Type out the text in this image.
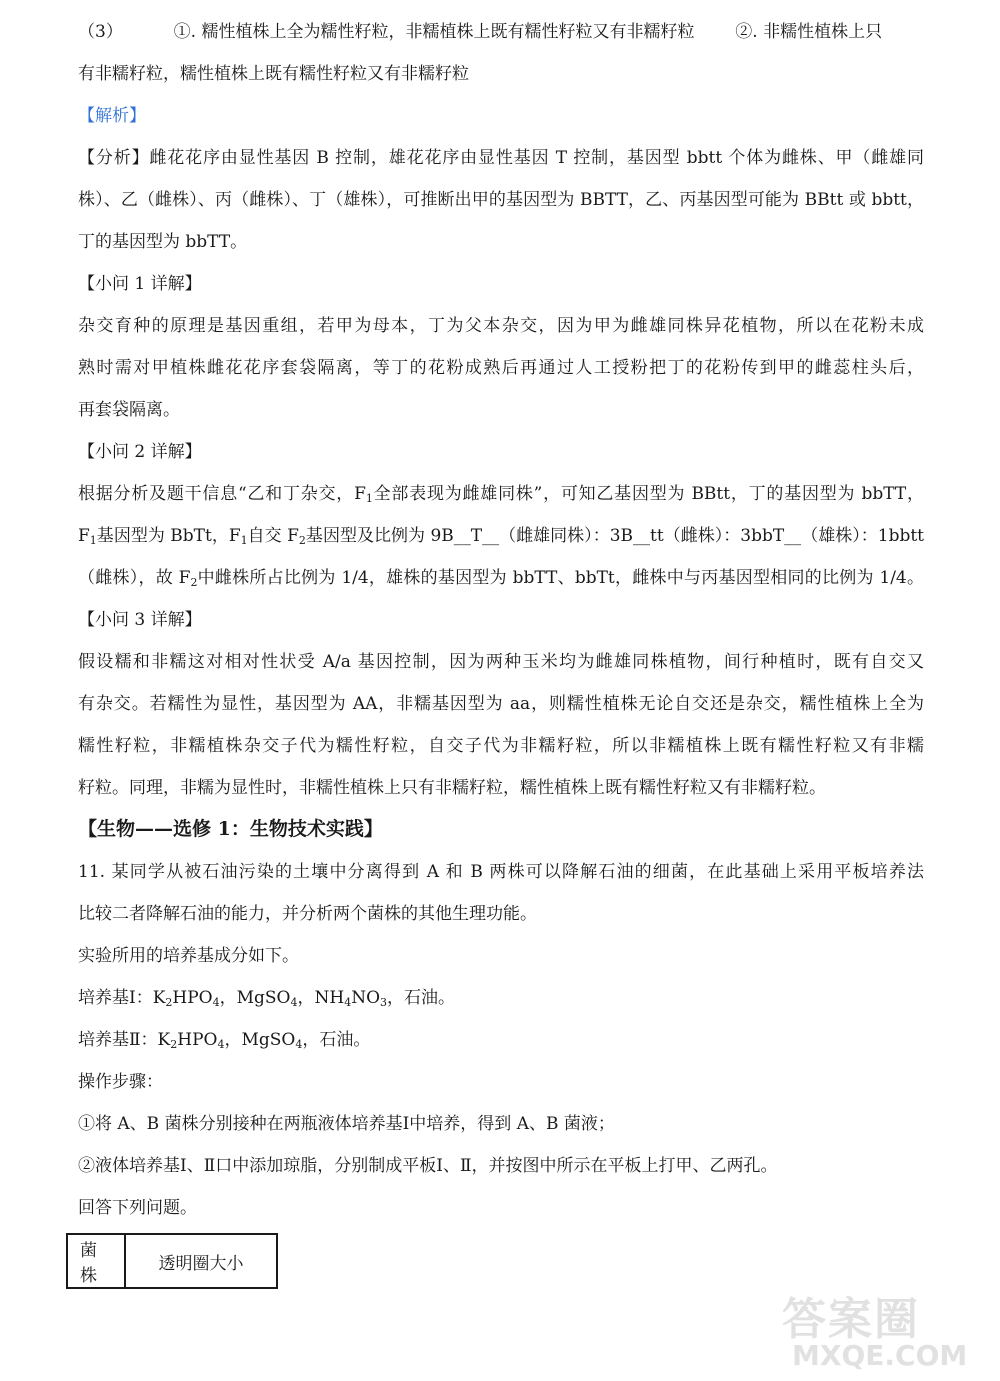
（3）	①. 糯性植株上全为糯性籽粒，非糯植株上既有糯性籽粒又有非糯籽粒 ②. 非糯性植株上只
有非糯籽粒，糯性植株上既有糯性籽粒又有非糯籽粒
【解析】
【分析】雌花花序由显性基因 B 控制，雄花花序由显性基因 T 控制，基因型 bbtt 个体为雌株、甲（雌雄同
株）、乙（雌株）、丙（雌株）、丁（雄株），可推断出甲的基因型为 BBTT，乙、丙基因型可能为 BBtt 或 bbtt，
丁的基因型为 bbTT。
【小问 1 详解】
杂交育种的原理是基因重组，若甲为母本，丁为父本杂交，因为甲为雌雄同株异花植物，所以在花粉未成
熟时需对甲植株雌花花序套袋隔离，等丁的花粉成熟后再通过人工授粉把丁的花粉传到甲的雌蕊柱头后，
再套袋隔离。
【小问 2 详解】
根据分析及题干信息“乙和丁杂交，$F_1$全部表现为雌雄同株”，可知乙基因型为 BBtt，丁的基因型为 bbTT，
$F_1$基因型为 BbTt，$F_1$自交 $F_2$基因型及比例为 9B__T__（雌雄同株）：3B__tt（雌株）：3bbT__（雄株）：1bbtt
（雌株），故 $F_2$中雌株所占比例为 1/4，雄株的基因型为 bbTT、bbTt，雌株中与丙基因型相同的比例为 1/4。
【小问 3 详解】
假设糯和非糯这对相对性状受 A/a 基因控制，因为两种玉米均为雌雄同株植物，间行种植时，既有自交又
有杂交。若糯性为显性，基因型为 AA，非糯基因型为 aa，则糯性植株无论自交还是杂交，糯性植株上全为
糯性籽粒，非糯植株杂交子代为糯性籽粒，自交子代为非糯籽粒，所以非糯植株上既有糯性籽粒又有非糯
籽粒。同理，非糯为显性时，非糯性植株上只有非糯籽粒，糯性植株上既有糯性籽粒又有非糯籽粒。
【生物——选修 1：生物技术实践】
11. 某同学从被石油污染的土壤中分离得到 A 和 B 两株可以降解石油的细菌，在此基础上采用平板培养法
比较二者降解石油的能力，并分析两个菌株的其他生理功能。
实验所用的培养基成分如下。
培养基Ⅰ：$K_2HPO_4$，MgSO$_4$，$NH_4NO_3$，石油。
培养基Ⅱ：$K_2HPO_4$，MgSO$_4$，石油。
操作步骤：
①将 A、B 菌株分别接种在两瓶液体培养基Ⅰ中培养，得到 A、B 菌液；
②液体培养基Ⅰ、Ⅱ口中添加琼脂，分别制成平板Ⅰ、Ⅱ，并按图中所示在平板上打甲、乙两孔。
回答下列问题。
菌株	透明圈大小
答案圈
MXQE.COM
